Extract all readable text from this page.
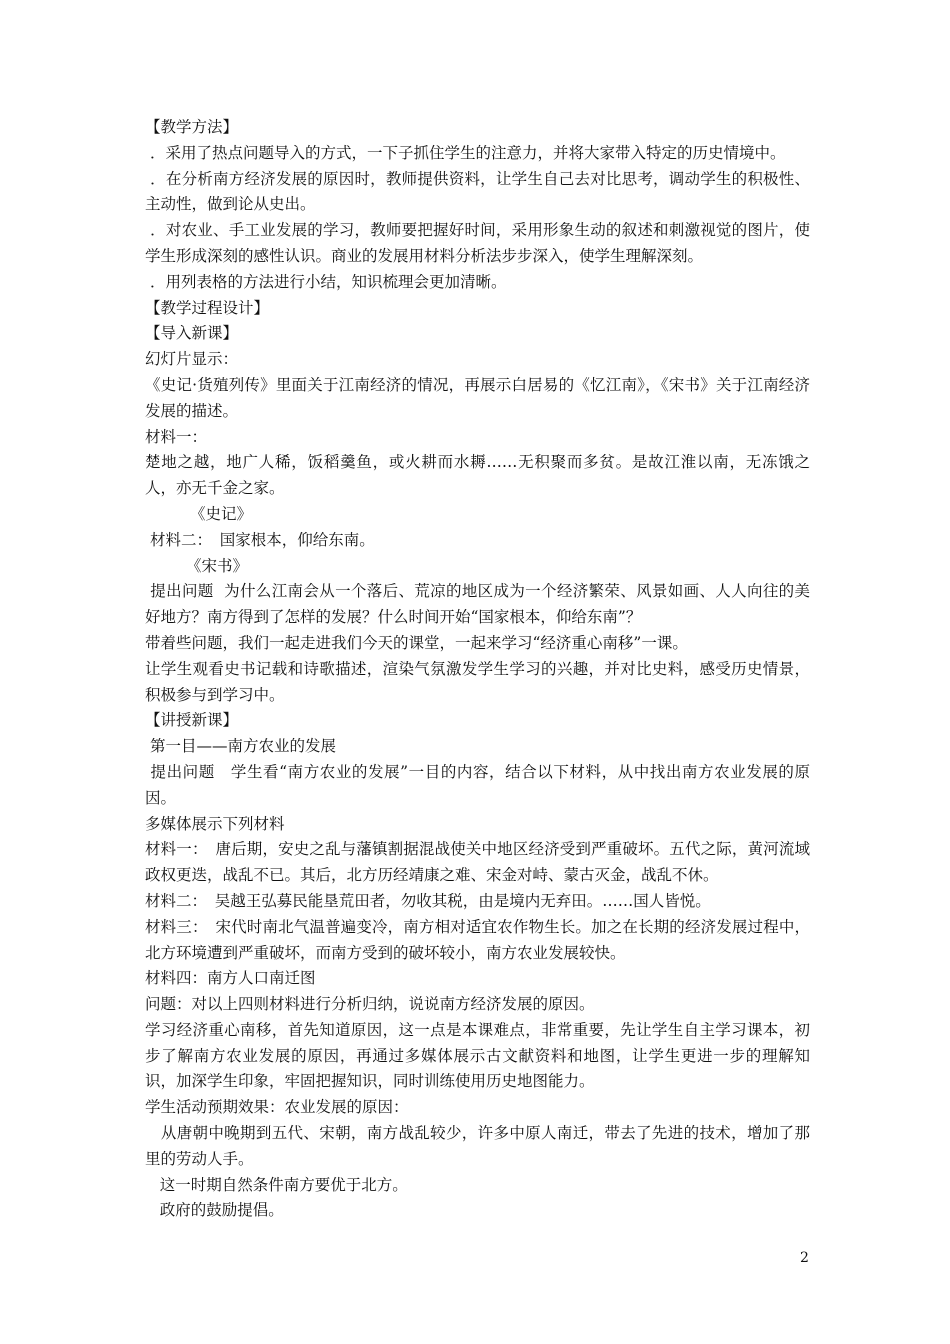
【教学方法】

．采用了热点问题导入的方式，一下子抓住学生的注意力，并将大家带入特定的历史情境中。

．在分析南方经济发展的原因时，教师提供资料，让学生自己去对比思考，调动学生的积极性、主动性，做到论从史出。

．对农业、手工业发展的学习，教师要把握好时间，采用形象生动的叙述和刺激视觉的图片，使学生形成深刻的感性认识。商业的发展用材料分析法步步深入，使学生理解深刻。

．用列表格的方法进行小结，知识梳理会更加清晰。

【教学过程设计】

【导入新课】

幻灯片显示：

《史记·货殖列传》里面关于江南经济的情况，再展示白居易的《忆江南》，《宋书》关于江南经济发展的描述。

材料一：

楚地之越，地广人稀，饭稻羹鱼，或火耕而水耨……无积聚而多贫。是故江淮以南，无冻饿之人，亦无千金之家。

《史记》

材料二：　国家根本，仰给东南。

《宋书》

提出问题  为什么江南会从一个落后、荒凉的地区成为一个经济繁荣、风景如画、人人向往的美好地方？南方得到了怎样的发展？什么时间开始“国家根本，仰给东南”？

带着些问题，我们一起走进我们今天的课堂，一起来学习“经济重心南移”一课。

让学生观看史书记载和诗歌描述，渲染气氛激发学生学习的兴趣，并对比史料，感受历史情景，积极参与到学习中。

【讲授新课】

第一目——南方农业的发展

提出问题　学生看“南方农业的发展”一目的内容，结合以下材料，从中找出南方农业发展的原因。

多媒体展示下列材料

材料一：　唐后期，安史之乱与藩镇割据混战使关中地区经济受到严重破坏。五代之际，黄河流域政权更迭，战乱不已。其后，北方历经靖康之难、宋金对峙、蒙古灭金，战乱不休。

材料二：　吴越王弘募民能垦荒田者，勿收其税，由是境内无弃田。……国人皆悦。

材料三：　宋代时南北气温普遍变冷，南方相对适宜农作物生长。加之在长期的经济发展过程中，北方环境遭到严重破坏，而南方受到的破坏较小，南方农业发展较快。

材料四：南方人口南迁图

问题：对以上四则材料进行分析归纳，说说南方经济发展的原因。

学习经济重心南移，首先知道原因，这一点是本课难点，非常重要，先让学生自主学习课本，初步了解南方农业发展的原因，再通过多媒体展示古文献资料和地图，让学生更进一步的理解知识，加深学生印象，牢固把握知识，同时训练使用历史地图能力。

学生活动预期效果：农业发展的原因：

从唐朝中晚期到五代、宋朝，南方战乱较少，许多中原人南迁，带去了先进的技术，增加了那里的劳动人手。

这一时期自然条件南方要优于北方。

政府的鼓励提倡。

2
